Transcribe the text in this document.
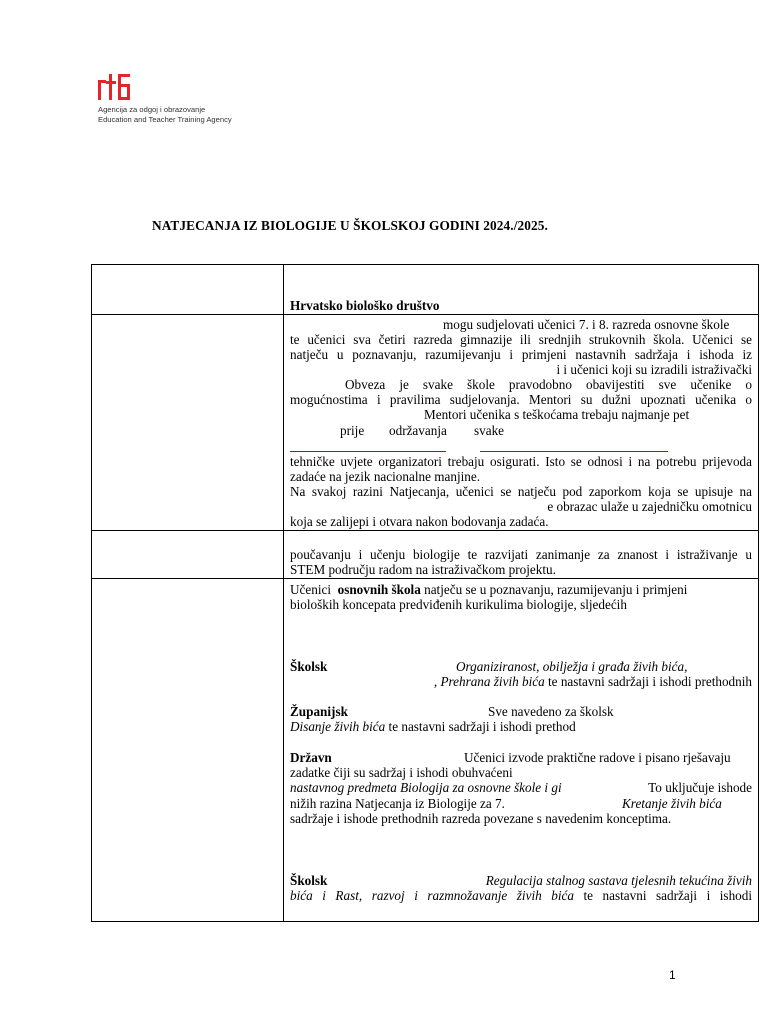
Agencija za odgoj i obrazovanje
Education and Teacher Training Agency
NATJECANJA IZ BIOLOGIJE U ŠKOLSKOJ GODINI 2024./2025.
Hrvatsko biološko društvo
mogu sudjelovati učenici 7. i 8. razreda osnovne škole
te učenici sva četiri razreda gimnazije ili srednjih strukovnih škola. Učenici se
natječu u poznavanju, razumijevanju i primjeni nastavnih sadržaja i ishoda iz
i i učenici koji su izradili istraživački
Obveza je svake škole pravodobno obavijestiti sve učenike o
mogućnostima i pravilima sudjelovanja. Mentori su dužni upoznati učenika o
Mentori učenika s teškoćama trebaju najmanje pet
prije održavanja svake
tehničke uvjete organizatori trebaju osigurati. Isto se odnosi i na potrebu prijevoda
zadaće na jezik nacionalne manjine.
Na svakoj razini Natjecanja, učenici se natječu pod zaporkom koja se upisuje na
e obrazac ulaže u zajedničku omotnicu
koja se zalijepi i otvara nakon bodovanja zadaća.
poučavanju i učenju biologije te razvijati zanimanje za znanost i istraživanje u
STEM području radom na istraživačkom projektu.
Učenici osnovnih škola natječu se u poznavanju, razumijevanju i primjeni
bioloških koncepata predviđenih kurikulima biologije, sljedećih
Školsk	Organiziranost, obilježja i građa živih bića,
, Prehrana živih bića te nastavni sadržaji i ishodi prethodnih
Županijsk	Sve navedeno za školsk
Disanje živih bića te nastavni sadržaji i ishodi prethod
Državn	Učenici izvode praktične radove i pisano rješavaju
zadatke čiji su sadržaj i ishodi obuhvaćeni
nastavnog predmeta Biologija za osnovne škole i gi	To uključuje ishode
nižih razina Natjecanja iz Biologije za 7.	Kretanje živih bića
sadržaje i ishode prethodnih razreda povezane s navedenim konceptima.
Školsk	Regulacija stalnog sastava tjelesnih tekućina živih
bića i Rast, razvoj i razmnožavanje živih bića te nastavni sadržaji i ishodi
1
